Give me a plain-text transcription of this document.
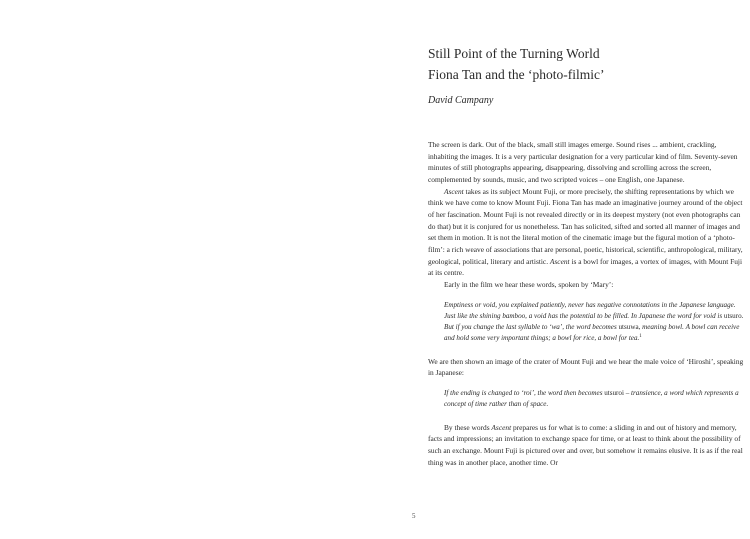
Still Point of the Turning World
Fiona Tan and the ‘photo-filmic’
David Campany

The screen is dark. Out of the black, small still images emerge. Sound rises ... ambient, crackling, inhabiting the images. It is a very particular designation for a very particular kind of film. Seventy-seven minutes of still photographs appearing, disappearing, dissolving and scrolling across the screen, complemented by sounds, music, and two scripted voices – one English, one Japanese.

Ascent takes as its subject Mount Fuji, or more precisely, the shifting representations by which we think we have come to know Mount Fuji. Fiona Tan has made an imaginative journey around of the object of her fascination. Mount Fuji is not revealed directly or in its deepest mystery (not even photographs can do that) but it is conjured for us nonetheless. Tan has solicited, sifted and sorted all manner of images and set them in motion. It is not the literal motion of the cinematic image but the figural motion of a ‘photo-film’: a rich weave of associations that are personal, poetic, historical, scientific, anthropological, military, geological, political, literary and artistic. Ascent is a bowl for images, a vortex of images, with Mount Fuji at its centre.

Early in the film we hear these words, spoken by ‘Mary’:

Emptiness or void, you explained patiently, never has negative connotations in the Japanese language. Just like the shining bamboo, a void has the potential to be filled. In Japanese the word for void is utsuro. But if you change the last syllable to ‘wa’, the word becomes utsuwa, meaning bowl. A bowl can receive and hold some very important things; a bowl for rice, a bowl for tea.$^1$

We are then shown an image of the crater of Mount Fuji and we hear the male voice of ‘Hiroshi’, speaking in Japanese:

If the ending is changed to ‘roi’, the word then becomes utsuroi – transience, a word which represents a concept of time rather than of space.

By these words Ascent prepares us for what is to come: a sliding in and out of history and memory, facts and impressions; an invitation to exchange space for time, or at least to think about the possibility of such an exchange. Mount Fuji is pictured over and over, but somehow it remains elusive. It is as if the real thing was in another place, another time. Or

5
